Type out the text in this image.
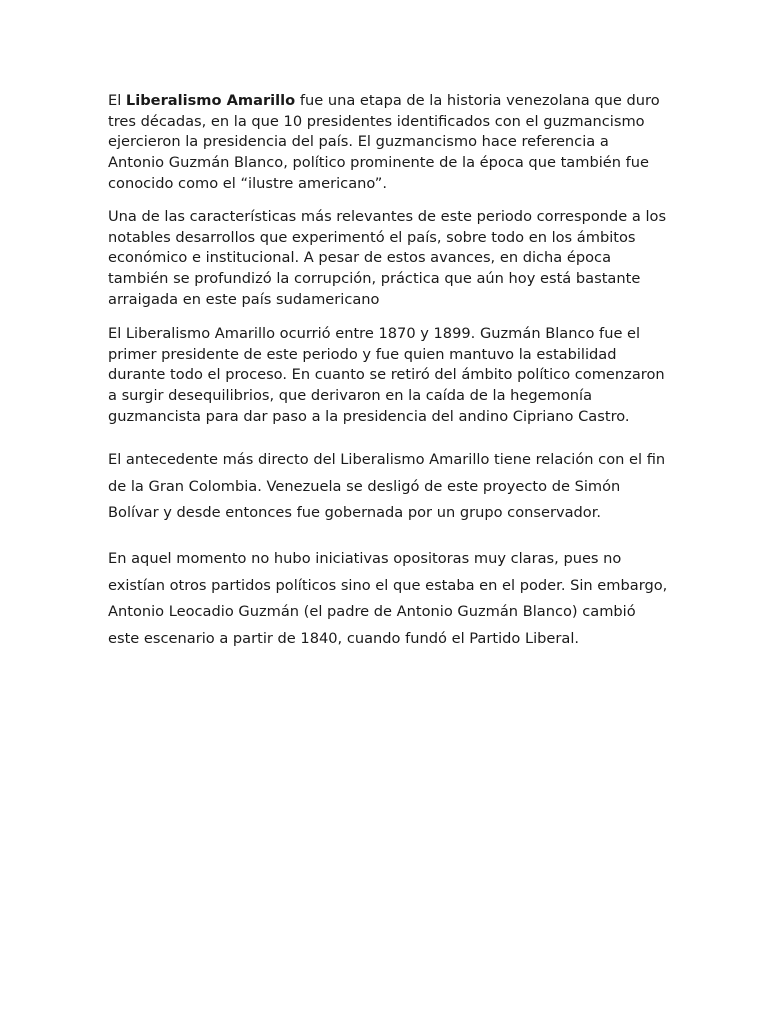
El Liberalismo Amarillo fue una etapa de la historia venezolana que duro tres décadas, en la que 10 presidentes identificados con el guzmancismo ejercieron la presidencia del país. El guzmancismo hace referencia a Antonio Guzmán Blanco, político prominente de la época que también fue conocido como el “ilustre americano”.

Una de las características más relevantes de este periodo corresponde a los notables desarrollos que experimentó el país, sobre todo en los ámbitos económico e institucional. A pesar de estos avances, en dicha época también se profundizó la corrupción, práctica que aún hoy está bastante arraigada en este país sudamericano

El Liberalismo Amarillo ocurrió entre 1870 y 1899. Guzmán Blanco fue el primer presidente de este periodo y fue quien mantuvo la estabilidad durante todo el proceso. En cuanto se retiró del ámbito político comenzaron a surgir desequilibrios, que derivaron en la caída de la hegemonía guzmancista para dar paso a la presidencia del andino Cipriano Castro.

El antecedente más directo del Liberalismo Amarillo tiene relación con el fin de la Gran Colombia. Venezuela se desligó de este proyecto de Simón Bolívar y desde entonces fue gobernada por un grupo conservador.

En aquel momento no hubo iniciativas opositoras muy claras, pues no existían otros partidos políticos sino el que estaba en el poder. Sin embargo, Antonio Leocadio Guzmán (el padre de Antonio Guzmán Blanco) cambió este escenario a partir de 1840, cuando fundó el Partido Liberal.
